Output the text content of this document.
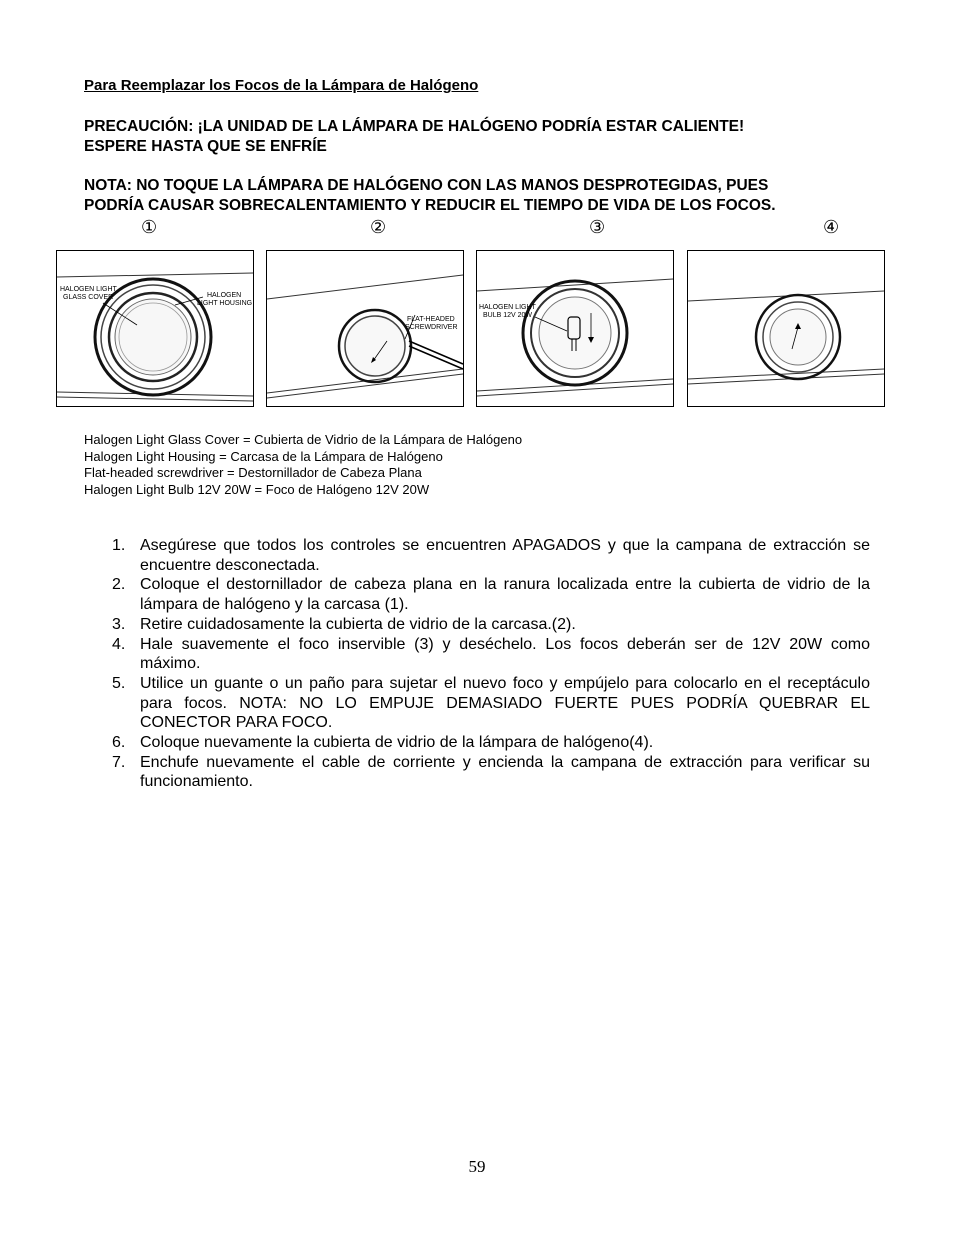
Para Reemplazar los Focos de la Lámpara de Halógeno
PRECAUCIÓN: ¡LA UNIDAD DE LA LÁMPARA DE HALÓGENO PODRÍA ESTAR CALIENTE!
ESPERE HASTA QUE SE ENFRÍE
NOTA: NO TOQUE LA LÁMPARA DE HALÓGENO CON LAS MANOS DESPROTEGIDAS, PUES
PODRÍA CAUSAR SOBRECALENTAMIENTO Y REDUCIR EL TIEMPO DE VIDA DE LOS FOCOS.
①	②	③	④
HALOGEN LIGHT
GLASS COVER	HALOGEN
LIGHT HOUSING
FLAT-HEADED
SCREWDRIVER
HALOGEN LIGHT
BULB 12V 20W
Halogen Light Glass Cover = Cubierta de Vidrio de la Lámpara de Halógeno
Halogen Light Housing = Carcasa de la Lámpara de Halógeno
Flat-headed screwdriver = Destornillador de Cabeza Plana
Halogen Light Bulb 12V 20W = Foco de Halógeno 12V 20W
1. Asegúrese que todos los controles se encuentren APAGADOS y que la campana de extracción se encuentre desconectada.
2. Coloque el destornillador de cabeza plana en la ranura localizada entre la cubierta de vidrio de la lámpara de halógeno y la carcasa (1).
3. Retire cuidadosamente la cubierta de vidrio de la carcasa.(2).
4. Hale suavemente el foco inservible (3) y deséchelo. Los focos deberán ser de 12V 20W como máximo.
5. Utilice un guante o un paño para sujetar el nuevo foco y empújelo para colocarlo en el receptáculo para focos. NOTA: NO LO EMPUJE DEMASIADO FUERTE PUES PODRÍA QUEBRAR EL CONECTOR PARA FOCO.
6. Coloque nuevamente la cubierta de vidrio de la lámpara de halógeno(4).
7. Enchufe nuevamente el cable de corriente y encienda la campana de extracción para verificar su funcionamiento.
59
